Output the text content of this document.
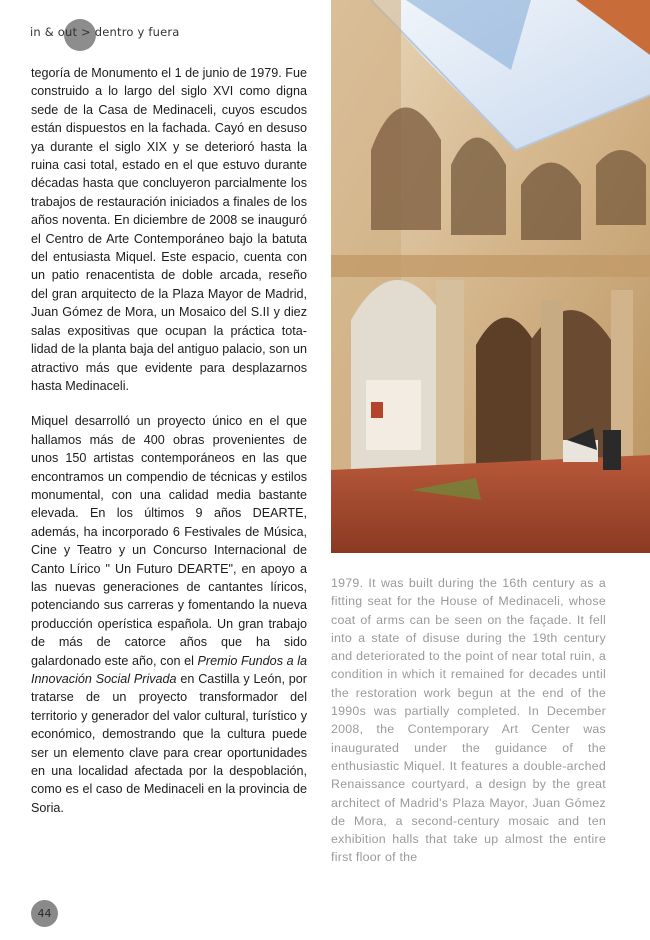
in & out > dentro y fuera

tegoría de Monumento el 1 de junio de 1979. Fue construido a lo largo del siglo XVI como digna sede de la Casa de Medinaceli, cuyos escudos están dispuestos en la fachada. Cayó en desuso ya durante el siglo XIX y se deterioró hasta la ruina casi total, estado en el que estuvo durante décadas hasta que concluyeron parcialmente los trabajos de restauración iniciados a finales de los años noventa. En diciembre de 2008 se inauguró el Centro de Arte Contemporáneo bajo la batuta del entusiasta Miquel. Este espacio, cuenta con un patio renacentista de doble arcada, reseño del gran arquitecto de la Plaza Mayor de Madrid, Juan Gómez de Mora, un Mosaico del S.II y diez salas expositivas que ocupan la práctica totalidad de la planta baja del antiguo palacio, son un atractivo más que evidente para desplazarnos hasta Medinaceli.

Miquel desarrolló un proyecto único en el que hallamos más de 400 obras provenientes de unos 150 artistas contemporáneos en las que encontramos un compendio de técnicas y estilos monumental, con una calidad media bastante elevada. En los últimos 9 años DEARTE, además, ha incorporado 6 Festivales de Música, Cine y Teatro y un Concurso Internacional de Canto Lírico " Un Futuro DEARTE", en apoyo a las nuevas generaciones de cantantes líricos, potenciando sus carreras y fomentando la nueva producción operística española. Un gran trabajo de más de catorce años que ha sido galardonado este año, con el Premio Fundos a la Innovación Social Privada en Castilla y León, por tratarse de un proyecto transformador del territorio y generador del valor cultural, turístico y económico, demostrando que la cultura puede ser un elemento clave para crear oportunidades en una localidad afectada por la despoblación, como es el caso de Medinaceli en la provincia de Soria.

1979. It was built during the 16th century as a fitting seat for the House of Medinaceli, whose coat of arms can be seen on the façade. It fell into a state of disuse during the 19th century and deteriorated to the point of near total ruin, a condition in which it remained for decades until the restoration work begun at the end of the 1990s was partially completed. In December 2008, the Contemporary Art Center was inaugurated under the guidance of the enthusiastic Miquel. It features a double-arched Renaissance courtyard, a design by the great architect of Madrid's Plaza Mayor, Juan Gómez de Mora, a second-century mosaic and ten exhibition halls that take up almost the entire first floor of the

44
